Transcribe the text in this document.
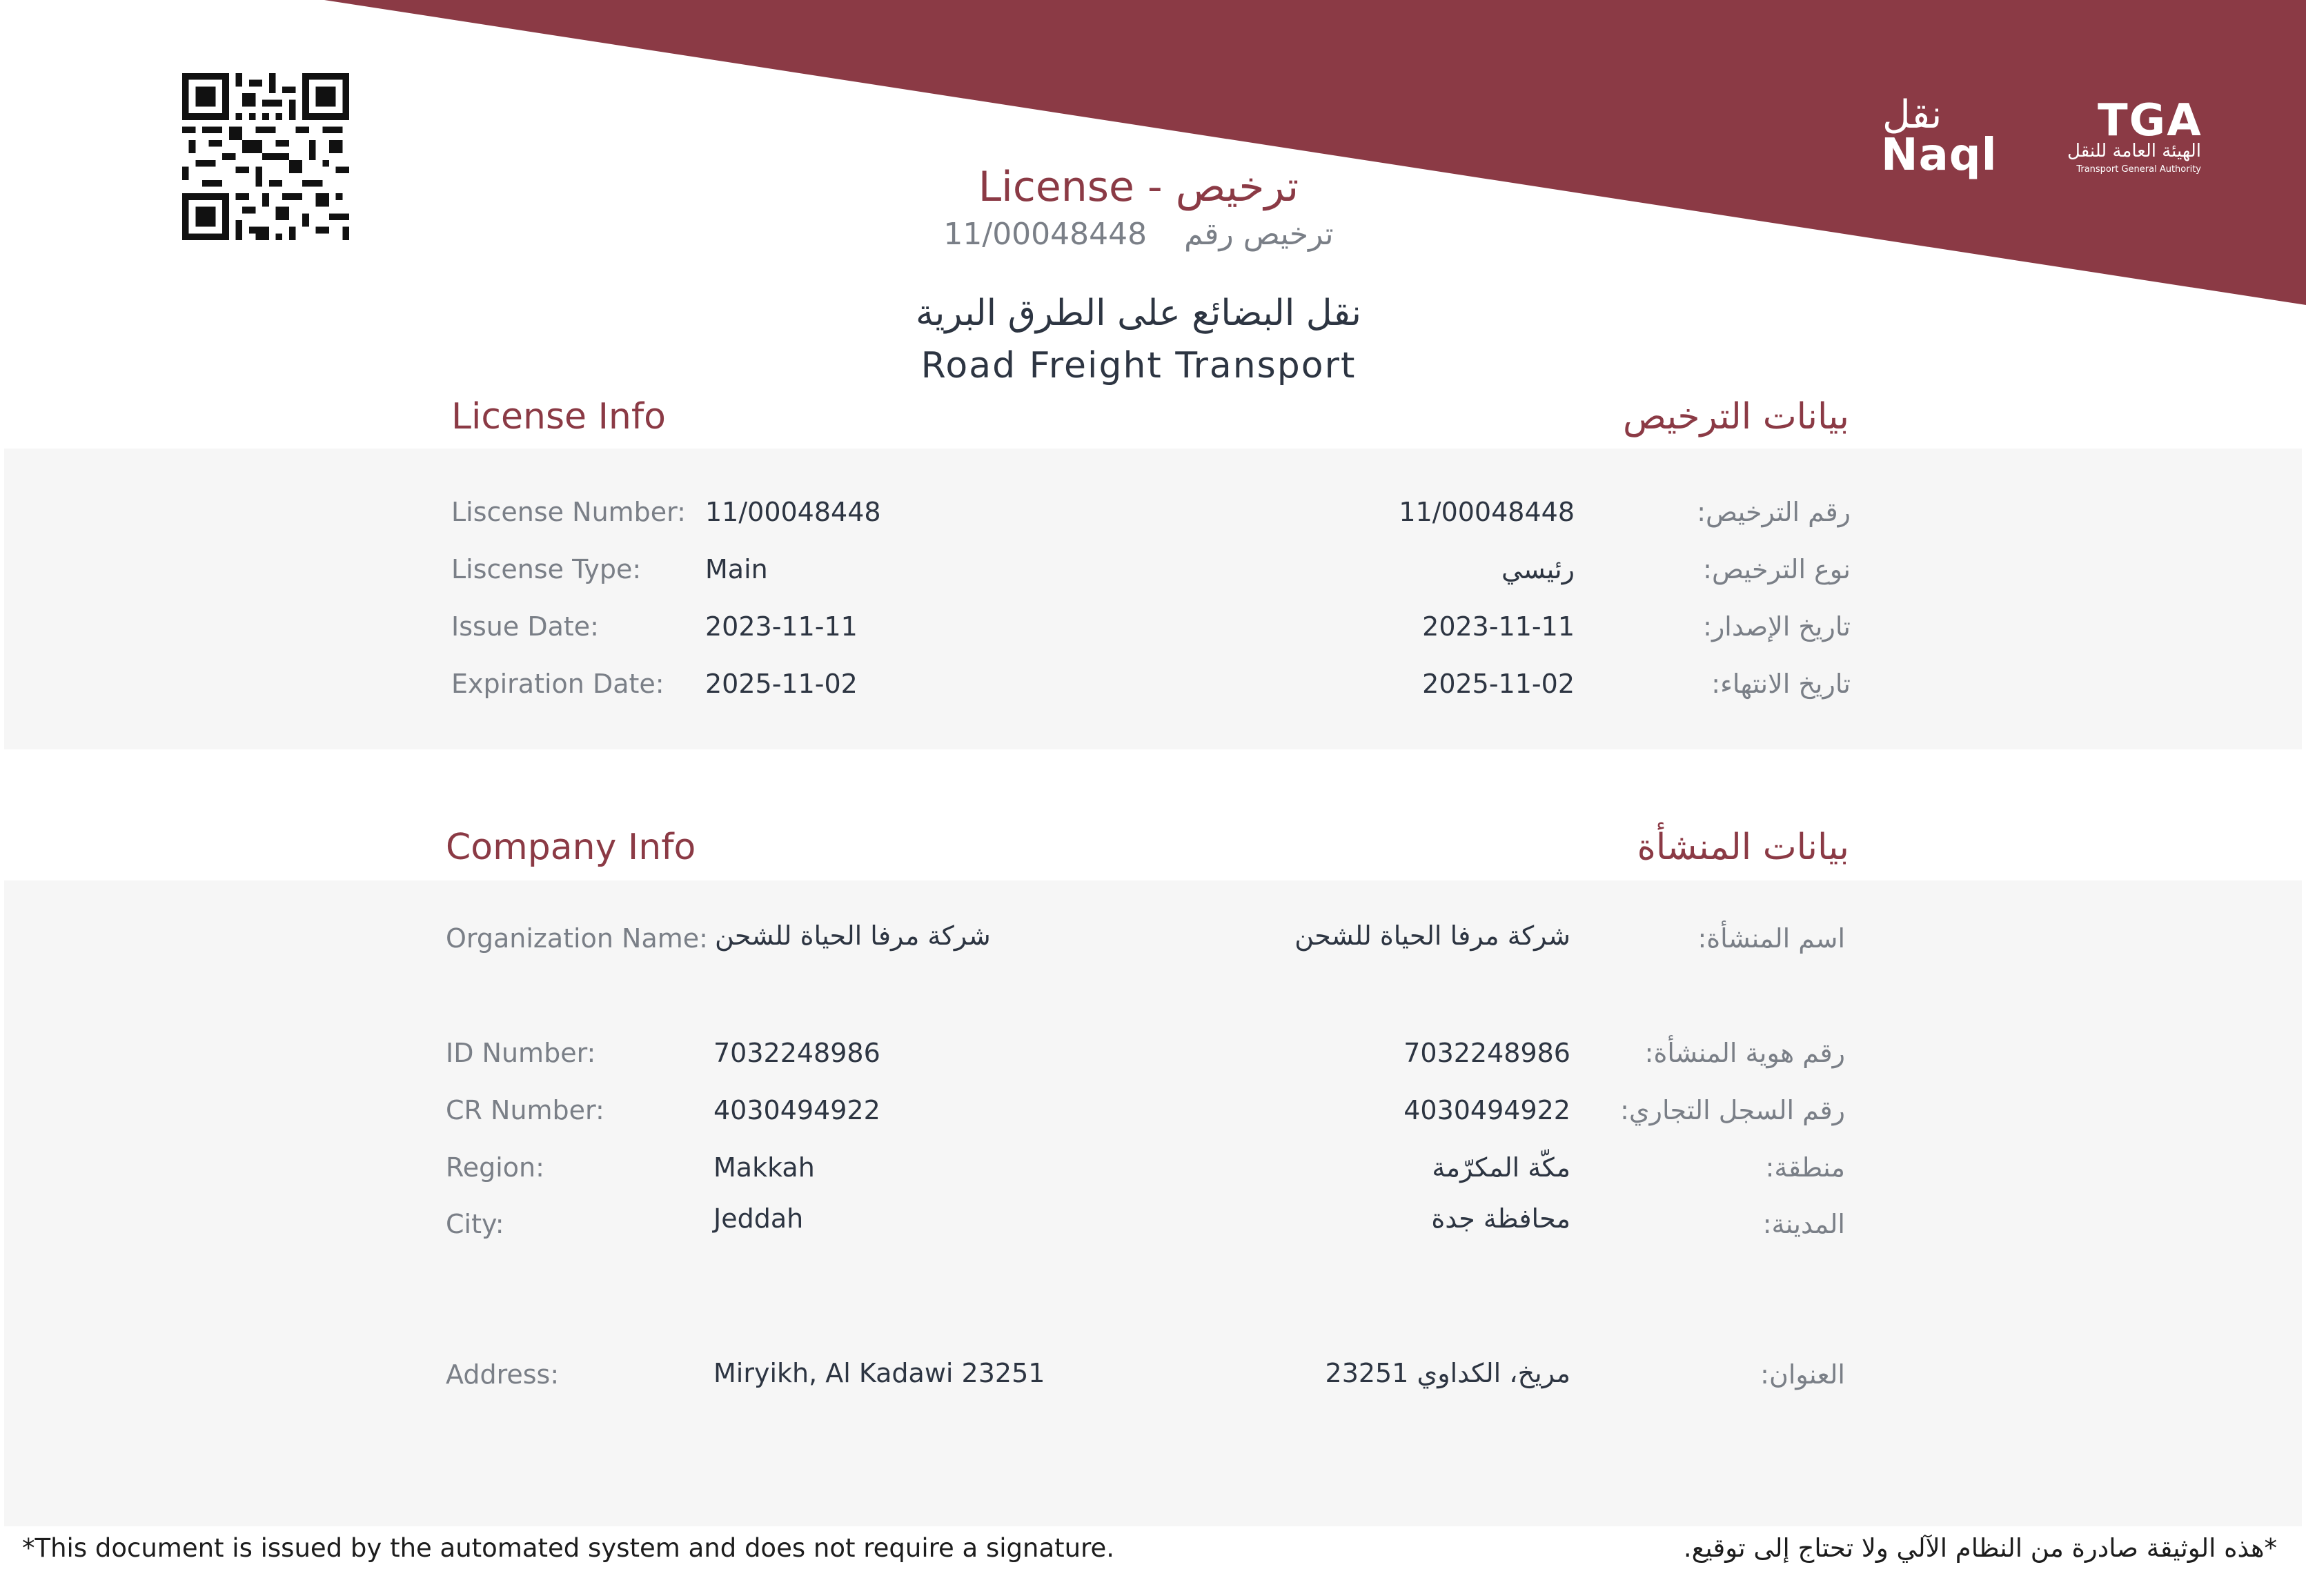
نقل
Naql
TGA
الهيئة العامة للنقل
Transport General Authority
License - ترخيص
11/00048448 ترخيص رقم
نقل البضائع على الطرق البرية
Road Freight Transport
License Info	بيانات الترخيص
Liscense Number: 11/00048448	11/00048448	رقم الترخيص:
Liscense Type: Main	رئيسي	نوع الترخيص:
Issue Date:	2023-11-11	2023-11-11	تاريخ الإصدار:
Expiration Date: 2025-11-02	2025-11-02	تاريخ الانتهاء:
Company Info	بيانات المنشأة
Organization Name: شركة مرفا الحياة للشحن	شركة مرفا الحياة للشحن	اسم المنشأة:
ID Number:	7032248986	7032248986	رقم هوية المنشأة:
CR Number:	4030494922	4030494922 رقم السجل التجاري:
Region:	Makkah	مكّة المكرّمة	منطقة:
City:	Jeddah	محافظة جدة	المدينة:
Address:	Miryikh, Al Kadawi 23251	مريخ، الكداوي 23251	العنوان:
*This document is issued by the automated system and does not require a signature.	*هذه الوثيقة صادرة من النظام الآلي ولا تحتاج إلى توقيع.
